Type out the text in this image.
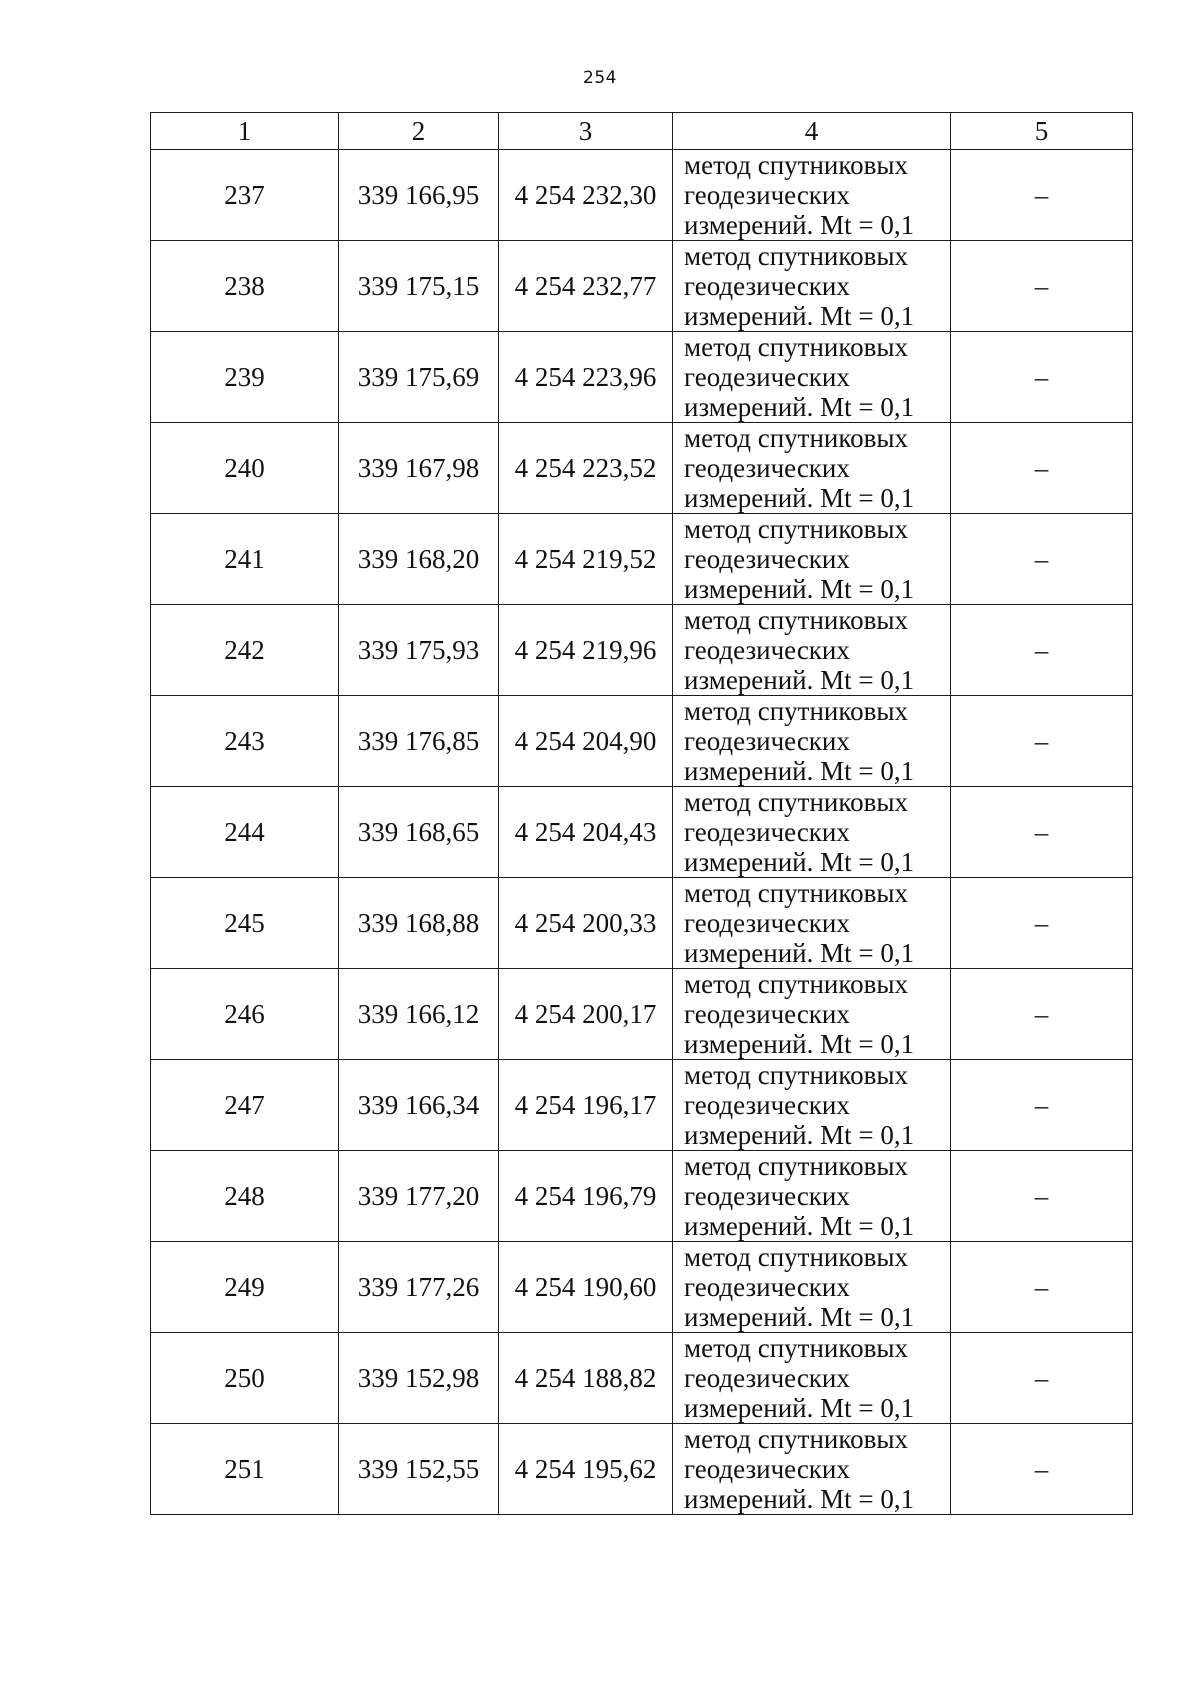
254
1	2	3	4	5
237	339 166,95	4 254 232,30	метод спутниковых
геодезических
измерений. Mt = 0,1	–
238	339 175,15	4 254 232,77	метод спутниковых
геодезических
измерений. Mt = 0,1	–
239	339 175,69	4 254 223,96	метод спутниковых
геодезических
измерений. Mt = 0,1	–
240	339 167,98	4 254 223,52	метод спутниковых
геодезических
измерений. Mt = 0,1	–
241	339 168,20	4 254 219,52	метод спутниковых
геодезических
измерений. Mt = 0,1	–
242	339 175,93	4 254 219,96	метод спутниковых
геодезических
измерений. Mt = 0,1	–
243	339 176,85	4 254 204,90	метод спутниковых
геодезических
измерений. Mt = 0,1	–
244	339 168,65	4 254 204,43	метод спутниковых
геодезических
измерений. Mt = 0,1	–
245	339 168,88	4 254 200,33	метод спутниковых
геодезических
измерений. Mt = 0,1	–
246	339 166,12	4 254 200,17	метод спутниковых
геодезических
измерений. Mt = 0,1	–
247	339 166,34	4 254 196,17	метод спутниковых
геодезических
измерений. Mt = 0,1	–
248	339 177,20	4 254 196,79	метод спутниковых
геодезических
измерений. Mt = 0,1	–
249	339 177,26	4 254 190,60	метод спутниковых
геодезических
измерений. Mt = 0,1	–
250	339 152,98	4 254 188,82	метод спутниковых
геодезических
измерений. Mt = 0,1	–
251	339 152,55	4 254 195,62	метод спутниковых
геодезических
измерений. Mt = 0,1	–
